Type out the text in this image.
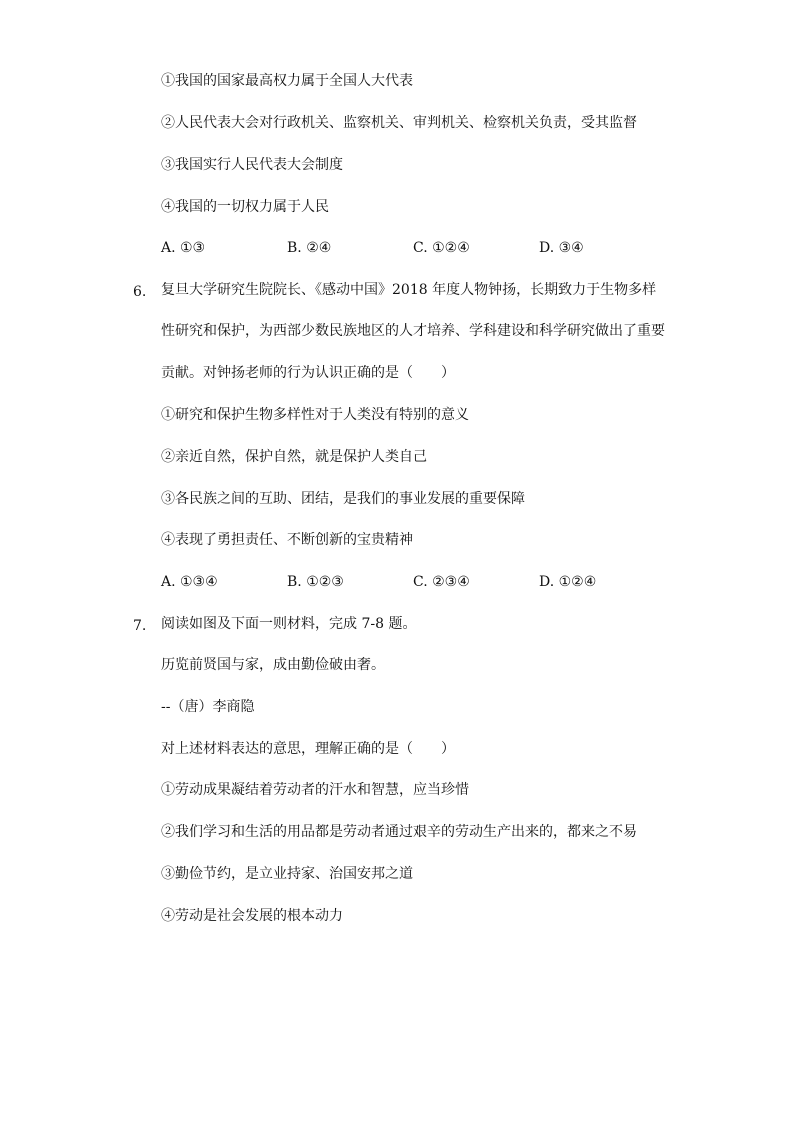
①我国的国家最高权力属于全国人大代表
②人民代表大会对行政机关、监察机关、审判机关、检察机关负责，受其监督
③我国实行人民代表大会制度
④我国的一切权力属于人民
A. ①③	B. ②④	C. ①②④	D. ③④
6. 复旦大学研究生院院长、《感动中国》2018 年度人物钟扬，长期致力于生物多样
性研究和保护，为西部少数民族地区的人才培养、学科建设和科学研究做出了重要
贡献。对钟扬老师的行为认识正确的是（　　）
①研究和保护生物多样性对于人类没有特别的意义
②亲近自然，保护自然，就是保护人类自己
③各民族之间的互助、团结，是我们的事业发展的重要保障
④表现了勇担责任、不断创新的宝贵精神
A. ①③④	B. ①②③	C. ②③④	D. ①②④
7. 阅读如图及下面一则材料，完成 7-8 题。
历览前贤国与家，成由勤俭破由奢。
--（唐）李商隐
对上述材料表达的意思，理解正确的是（　　）
①劳动成果凝结着劳动者的汗水和智慧，应当珍惜
②我们学习和生活的用品都是劳动者通过艰辛的劳动生产出来的，都来之不易
③勤俭节约，是立业持家、治国安邦之道
④劳动是社会发展的根本动力
